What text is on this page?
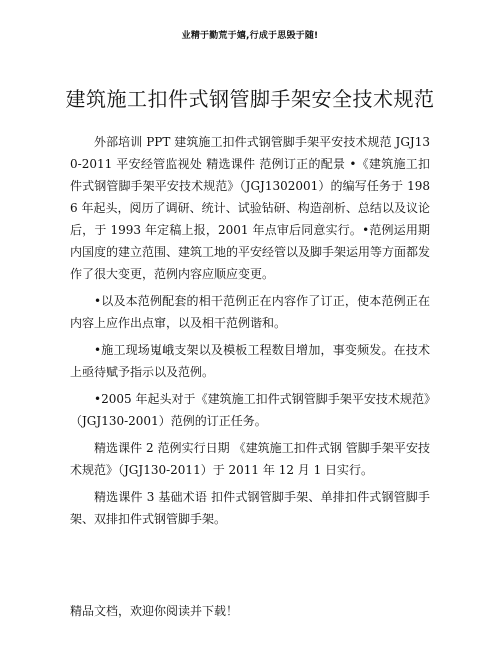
业精于勤荒于嬉,行成于思毁于随!
建筑施工扣件式钢管脚手架安全技术规范

外部培训 PPT 建筑施工扣件式钢管脚手架平安技术规范 JGJ130-2011 平安经管监视处 精选课件 范例订正的配景 •《建筑施工扣件式钢管脚手架平安技术规范》（JGJ1302001）的编写任务于 1986 年起头，阅历了调研、统计、试验钻研、构造剖析、总结以及议论后，于 1993 年定稿上报，2001 年点审后同意实行。•范例运用期内国度的建立范围、建筑工地的平安经管以及脚手架运用等方面都发作了很大变更，范例内容应顺应变更。

•以及本范例配套的相干范例正在内容作了订正，使本范例正在内容上应作出点窜，以及相干范例谐和。

•施工现场嵬峨支架以及模板工程数目增加，事变频发。在技术上亟待赋予指示以及范例。

•2005 年起头对于《建筑施工扣件式钢管脚手架平安技术规范》（JGJ130-2001）范例的订正任务。

精选课件 2 范例实行日期 《建筑施工扣件式钢 管脚手架平安技术规范》（JGJ130-2011）于 2011 年 12 月 1 日实行。

精选课件 3 基础术语 扣件式钢管脚手架、单排扣件式钢管脚手架、双排扣件式钢管脚手架。

精品文档，欢迎你阅读并下载！
